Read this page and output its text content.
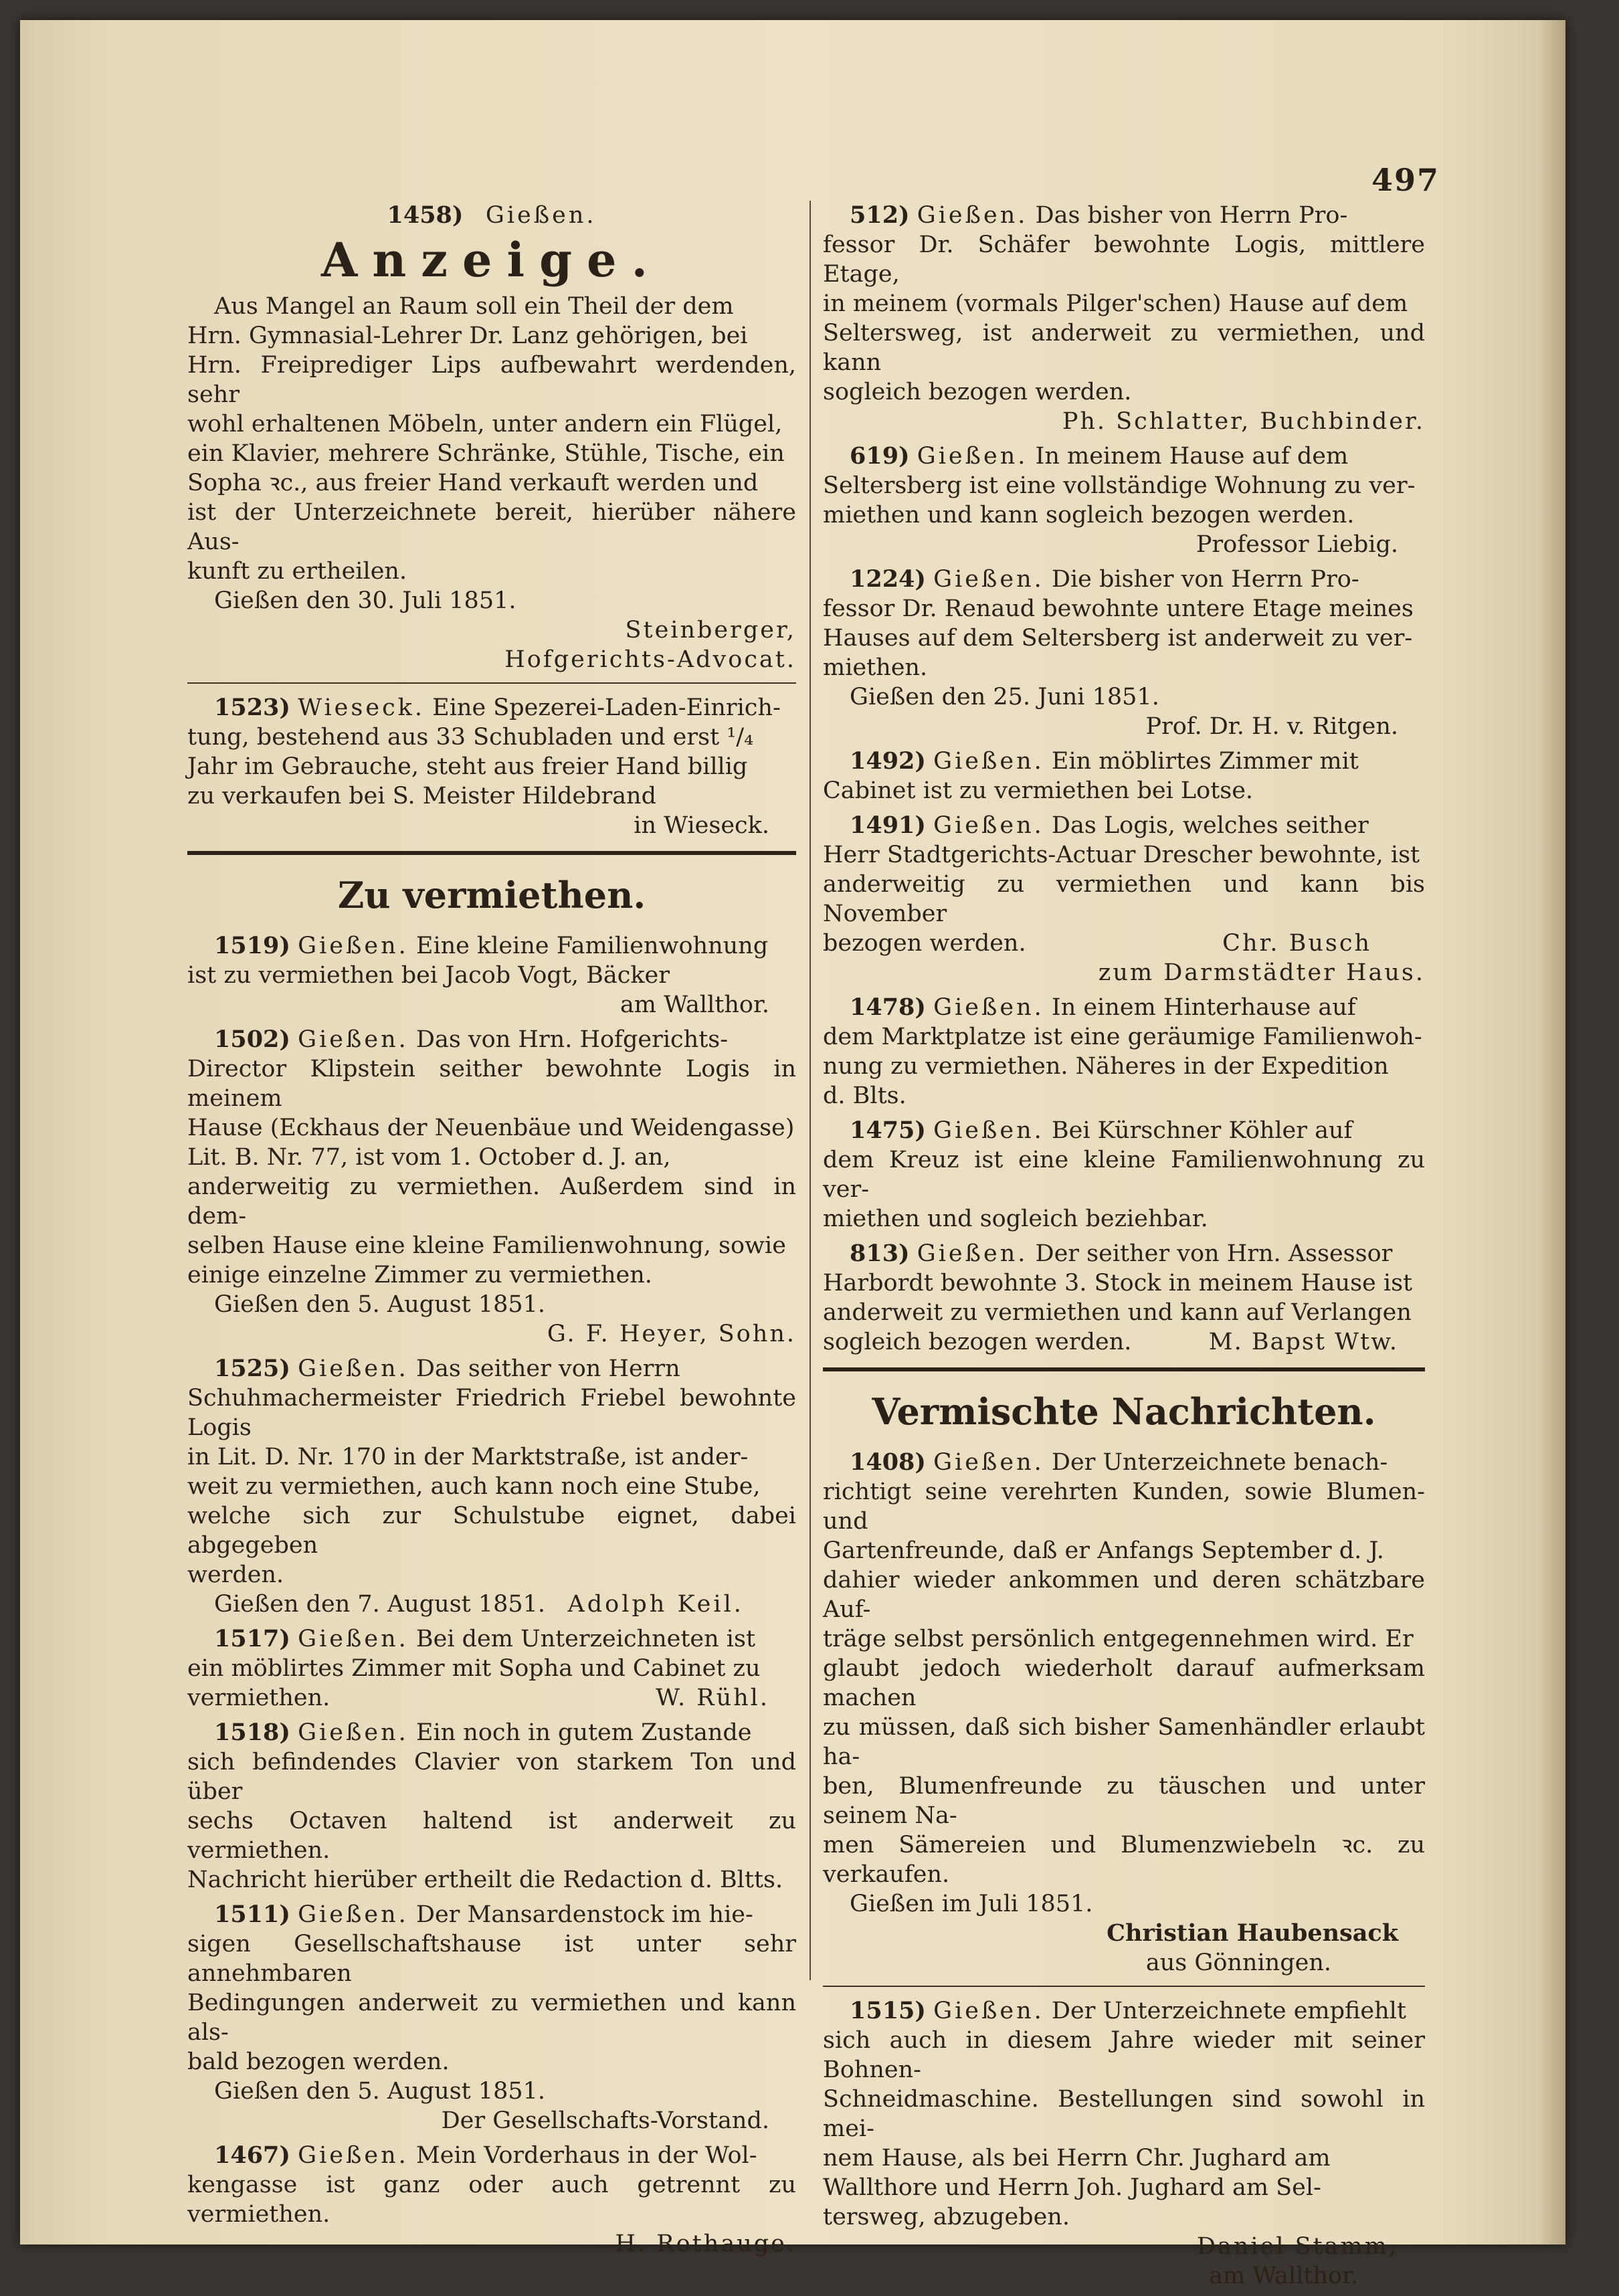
497

1458) Gießen.

Anzeige.

Aus Mangel an Raum soll ein Theil der dem

Hrn. Gymnasial-Lehrer Dr. Lanz gehörigen, bei

Hrn. Freiprediger Lips aufbewahrt werdenden, sehr

wohl erhaltenen Möbeln, unter andern ein Flügel,

ein Klavier, mehrere Schränke, Stühle, Tische, ein

Sopha ꝛc., aus freier Hand verkauft werden und

ist der Unterzeichnete bereit, hierüber nähere Aus-

kunft zu ertheilen.

Gießen den 30. Juli 1851.

Steinberger,

Hofgerichts-Advocat.

1523) Wieseck. Eine Spezerei-Laden-Einrich-

tung, bestehend aus 33 Schubladen und erst ¹/₄

Jahr im Gebrauche, steht aus freier Hand billig

zu verkaufen bei S. Meister Hildebrand

in Wieseck.

Zu vermiethen.

1519) Gießen. Eine kleine Familienwohnung

ist zu vermiethen bei Jacob Vogt, Bäcker

am Wallthor.

1502) Gießen. Das von Hrn. Hofgerichts-

Director Klipstein seither bewohnte Logis in meinem

Hause (Eckhaus der Neuenbäue und Weidengasse)

Lit. B. Nr. 77, ist vom 1. October d. J. an,

anderweitig zu vermiethen. Außerdem sind in dem-

selben Hause eine kleine Familienwohnung, sowie

einige einzelne Zimmer zu vermiethen.

Gießen den 5. August 1851.

G. F. Heyer, Sohn.

1525) Gießen. Das seither von Herrn

Schuhmachermeister Friedrich Friebel bewohnte Logis

in Lit. D. Nr. 170 in der Marktstraße, ist ander-

weit zu vermiethen, auch kann noch eine Stube,

welche sich zur Schulstube eignet, dabei abgegeben

werden.

Gießen den 7. August 1851. Adolph Keil.

1517) Gießen. Bei dem Unterzeichneten ist

ein möblirtes Zimmer mit Sopha und Cabinet zu

vermiethen.	W. Rühl.

1518) Gießen. Ein noch in gutem Zustande

sich befindendes Clavier von starkem Ton und über

sechs Octaven haltend ist anderweit zu vermiethen.

Nachricht hierüber ertheilt die Redaction d. Bltts.

1511) Gießen. Der Mansardenstock im hie-

sigen Gesellschaftshause ist unter sehr annehmbaren

Bedingungen anderweit zu vermiethen und kann als-

bald bezogen werden.

Gießen den 5. August 1851.

Der Gesellschafts-Vorstand.

1467) Gießen. Mein Vorderhaus in der Wol-

kengasse ist ganz oder auch getrennt zu vermiethen.

H. Rothauge.

512) Gießen. Das bisher von Herrn Pro-

fessor Dr. Schäfer bewohnte Logis, mittlere Etage,

in meinem (vormals Pilger'schen) Hause auf dem

Seltersweg, ist anderweit zu vermiethen, und kann

sogleich bezogen werden.

Ph. Schlatter, Buchbinder.

619) Gießen. In meinem Hause auf dem

Seltersberg ist eine vollständige Wohnung zu ver-

miethen und kann sogleich bezogen werden.

Professor Liebig.

1224) Gießen. Die bisher von Herrn Pro-

fessor Dr. Renaud bewohnte untere Etage meines

Hauses auf dem Seltersberg ist anderweit zu ver-

miethen.

Gießen den 25. Juni 1851.

Prof. Dr. H. v. Ritgen.

1492) Gießen. Ein möblirtes Zimmer mit

Cabinet ist zu vermiethen bei Lotse.

1491) Gießen. Das Logis, welches seither

Herr Stadtgerichts-Actuar Drescher bewohnte, ist

anderweitig zu vermiethen und kann bis November

bezogen werden.	Chr. Busch

zum Darmstädter Haus.

1478) Gießen. In einem Hinterhause auf

dem Marktplatze ist eine geräumige Familienwoh-

nung zu vermiethen. Näheres in der Expedition

d. Blts.

1475) Gießen. Bei Kürschner Köhler auf

dem Kreuz ist eine kleine Familienwohnung zu ver-

miethen und sogleich beziehbar.

813) Gießen. Der seither von Hrn. Assessor

Harbordt bewohnte 3. Stock in meinem Hause ist

anderweit zu vermiethen und kann auf Verlangen

sogleich bezogen werden.	M. Bapst Wtw.

Vermischte Nachrichten.

1408) Gießen. Der Unterzeichnete benach-

richtigt seine verehrten Kunden, sowie Blumen- und

Gartenfreunde, daß er Anfangs September d. J.

dahier wieder ankommen und deren schätzbare Auf-

träge selbst persönlich entgegennehmen wird. Er

glaubt jedoch wiederholt darauf aufmerksam machen

zu müssen, daß sich bisher Samenhändler erlaubt ha-

ben, Blumenfreunde zu täuschen und unter seinem Na-

men Sämereien und Blumenzwiebeln ꝛc. zu verkaufen.

Gießen im Juli 1851.

Christian Haubensack

aus Gönningen.

1515) Gießen. Der Unterzeichnete empfiehlt

sich auch in diesem Jahre wieder mit seiner Bohnen-

Schneidmaschine. Bestellungen sind sowohl in mei-

nem Hause, als bei Herrn Chr. Jughard am

Wallthore und Herrn Joh. Jughard am Sel-

tersweg, abzugeben.

Daniel Stamm,

am Wallthor.
